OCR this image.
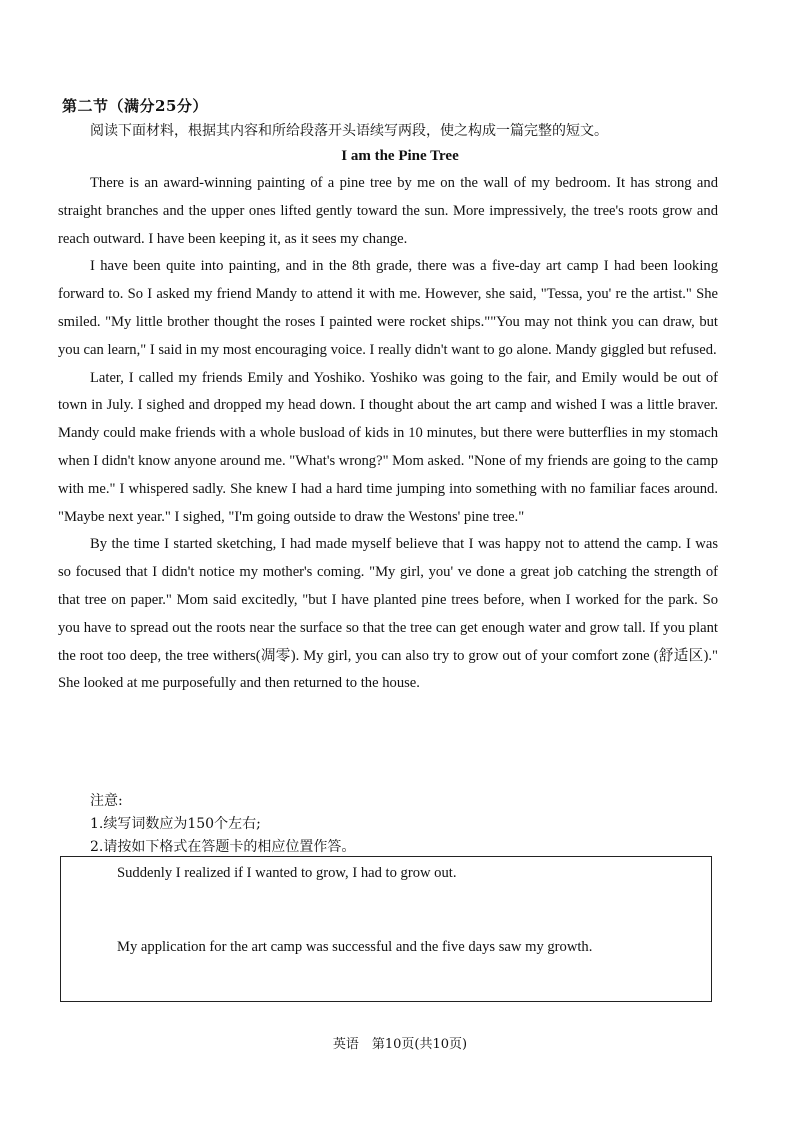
第二节（满分25分）
阅读下面材料，根据其内容和所给段落开头语续写两段，使之构成一篇完整的短文。
I am the Pine Tree

There is an award-winning painting of a pine tree by me on the wall of my bedroom. It has strong and straight branches and the upper ones lifted gently toward the sun. More impressively, the tree's roots grow and reach outward. I have been keeping it, as it sees my change.

I have been quite into painting, and in the 8th grade, there was a five-day art camp I had been looking forward to. So I asked my friend Mandy to attend it with me. However, she said, "Tessa, you' re the artist." She smiled. "My little brother thought the roses I painted were rocket ships.""You may not think you can draw, but you can learn," I said in my most encouraging voice. I really didn't want to go alone. Mandy giggled but refused.

Later, I called my friends Emily and Yoshiko. Yoshiko was going to the fair, and Emily would be out of town in July. I sighed and dropped my head down. I thought about the art camp and wished I was a little braver. Mandy could make friends with a whole busload of kids in 10 minutes, but there were butterflies in my stomach when I didn't know anyone around me. "What's wrong?" Mom asked. "None of my friends are going to the camp with me." I whispered sadly. She knew I had a hard time jumping into something with no familiar faces around. "Maybe next year." I sighed, "I'm going outside to draw the Westons' pine tree."

By the time I started sketching, I had made myself believe that I was happy not to attend the camp. I was so focused that I didn't notice my mother's coming. "My girl, you' ve done a great job catching the strength of that tree on paper." Mom said excitedly, "but I have planted pine trees before, when I worked for the park. So you have to spread out the roots near the surface so that the tree can get enough water and grow tall. If you plant the root too deep, the tree withers(凋零). My girl, you can also try to grow out of your comfort zone (舒适区)." She looked at me purposefully and then returned to the house.

注意:
1.续写词数应为150个左右;
2.请按如下格式在答题卡的相应位置作答。
Suddenly I realized if I wanted to grow, I had to grow out.
My application for the art camp was successful and the five days saw my growth.
英语　第10页(共10页)
